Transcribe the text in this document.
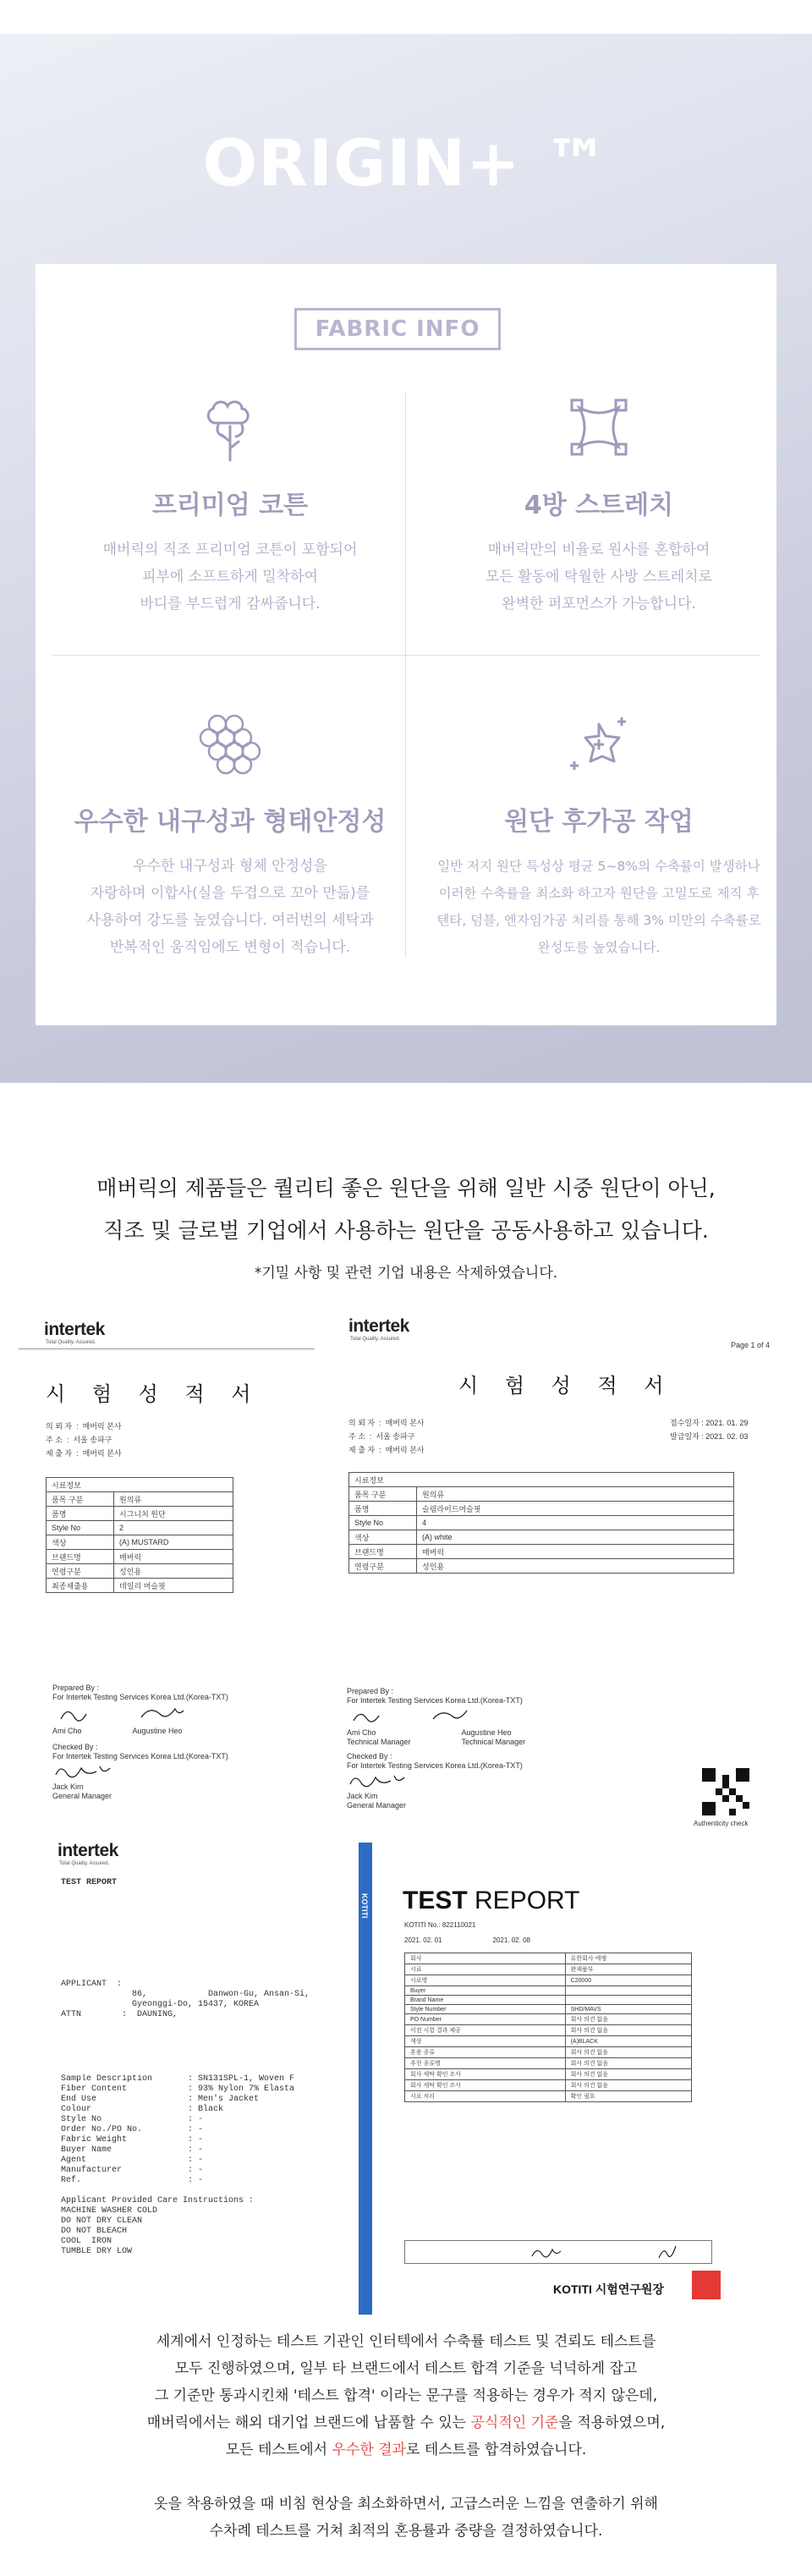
ORIGIN+ ™
FABRIC INFO
프리미엄 코튼

매버릭의 직조 프리미엄 코튼이 포함되어
피부에 소프트하게 밀착하여
바디를 부드럽게 감싸줍니다.

4방 스트레치

매버릭만의 비율로 원사를 혼합하여
모든 활동에 탁월한 사방 스트레치로
완벽한 퍼포먼스가 가능합니다.

우수한 내구성과 형태안정성

우수한 내구성과 형체 안정성을
자랑하며 이합사(실을 두겹으로 꼬아 만듦)를
사용하여 강도를 높였습니다. 여러번의 세탁과
반복적인 움직임에도 변형이 적습니다.

원단 후가공 작업

일반 저지 원단 특성상 평균 5~8%의 수축률이 발생하나
이러한 수축률을 최소화 하고자 원단을 고밀도로 제직 후
텐타, 덤블, 엔자임가공 처리를 통해 3% 미만의 수축률로
완성도를 높였습니다.

매버릭의 제품들은 퀄리티 좋은 원단을 위해 일반 시중 원단이 아닌,
직조 및 글로벌 기업에서 사용하는 원단을 공동사용하고 있습니다.
*기밀 사항 및 관련 기업 내용은 삭제하였습니다.
intertek
Total Quality. Assured.
시 험 성 적 서
의 뢰 자  :  매버릭 본사
주 소  :  서울 송파구
제 출 자  :  매버릭 본사
시료정보	
품목 구분	원의류
품명	시그니처 원단
Style No	2
색상	(A) MUSTARD
브랜드명	매버릭
연령구분	성인용
최종제출용	데일리 머슬핏
Prepared By :
For Intertek Testing Services Korea Ltd.(Korea-TXT)
Ami Cho	Augustine Heo
Checked By :
For Intertek Testing Services Korea Ltd.(Korea-TXT)
Jack Kim
General Manager
intertek
Total Quality. Assured.
Page 1 of 4
시 험 성 적 서
의 뢰 자  :  매버릭 본사
주 소  :  서울 송파구
제 출 자  :  매버릭 본사
접수일자 : 2021. 01. 29
발급일자 : 2021. 02. 03
시료정보	
품목 구분	원의류
품명	슬림라이드머슬핏
Style No	4
색상	(A) white
브랜드명	매버릭
연령구분	성인용
Prepared By :
For Intertek Testing Services Korea Ltd.(Korea-TXT)
Ami Cho
Technical Manager
Augustine Heo
Technical Manager
Checked By :
For Intertek Testing Services Korea Ltd.(Korea-TXT)
Jack Kim
General Manager
Authenticity check
intertek
Total Quality. Assured.
TEST REPORT
APPLICANT  :
86,            Danwon-Gu, Ansan-Si,
Gyeonggi-Do, 15437, KOREA
ATTN        :  DAUNING,
Sample Description       : SN131SPL-1, Woven F
Fiber Content            : 93% Nylon 7% Elasta
End Use                  : Men's Jacket
Colour                   : Black
Style No                 : -
Order No./PO No.         : -
Fabric Weight            : -
Buyer Name               : -
Agent                    : -
Manufacturer             : -
Ref.                     : -
Applicant Provided Care Instructions :
MACHINE WASHER COLD
DO NOT DRY CLEAN
DO NOT BLEACH
COOL  IRON
TUMBLE DRY LOW
KOTITI TEST REPORT
KOTITI No.: 822110021
2021. 02. 01	2021. 02. 08
회사	유한회사 에엠
시료	완제품부
시료명	C20000
Buyer	
Brand Name	
Style Number	SHD/MAVS
PO Number	회사 의견 없음
이전 시험 결과 제공	회사 의견 없음
색상	(A)BLACK
혼용 종류	회사 의견 없음
추천 종류명	회사 의견 없음
회사 세탁 확인 조사	회사 의견 없음
회사 세탁 확인 조사	회사 의견 없음
시료 처리	확인 필요
KOTITI 시험연구원장
세계에서 인정하는 테스트 기관인 인터텍에서 수축률 테스트 및 견뢰도 테스트를
모두 진행하였으며, 일부 타 브랜드에서 테스트 합격 기준을 넉넉하게 잡고
그 기준만 통과시킨채 '테스트 합격' 이라는 문구를 적용하는 경우가 적지 않은데,
매버릭에서는 해외 대기업 브랜드에 납품할 수 있는 공식적인 기준을 적용하였으며,
모든 테스트에서 우수한 결과로 테스트를 합격하였습니다.

옷을 착용하였을 때 비침 현상을 최소화하면서, 고급스러운 느낌을 연출하기 위해
수차례 테스트를 거쳐 최적의 혼용률과 중량을 결정하였습니다.
